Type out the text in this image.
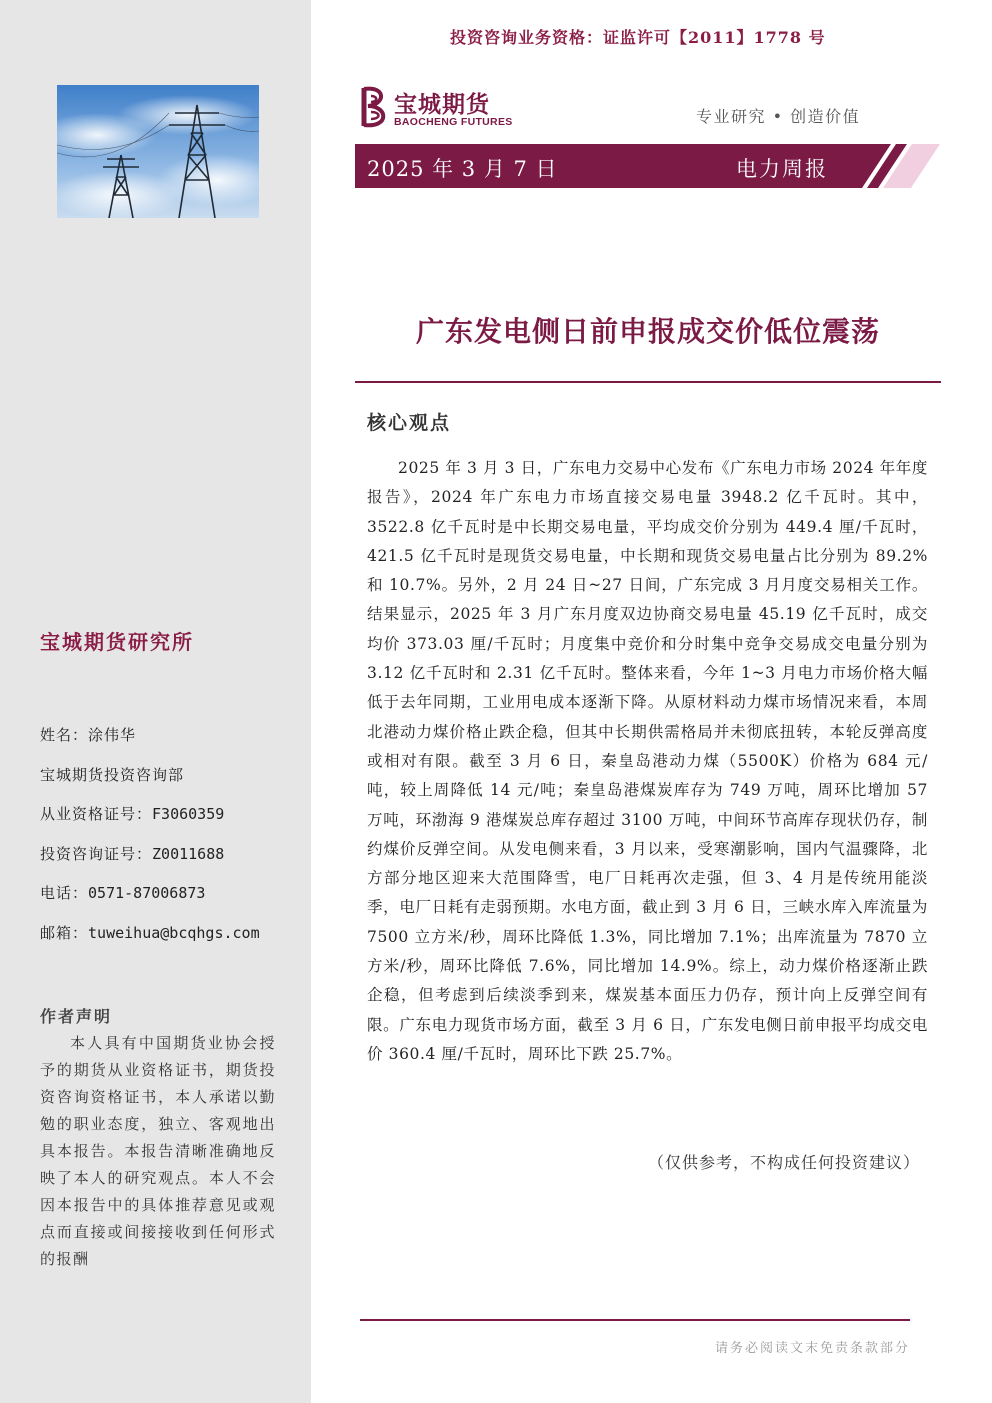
宝城期货研究所
姓名：涂伟华
宝城期货投资咨询部
从业资格证号：F3060359
投资咨询证号：Z0011688
电话：0571-87006873
邮箱：tuweihua@bcqhgs.com
作者声明
本人具有中国期货业协会授予的期货从业资格证书，期货投资咨询资格证书，本人承诺以勤勉的职业态度，独立、客观地出具本报告。本报告清晰准确地反映了本人的研究观点。本人不会因本报告中的具体推荐意见或观点而直接或间接接收到任何形式的报酬
投资咨询业务资格：证监许可【2011】1778 号
宝城期货
BAOCHENG FUTURES	专业研究 • 创造价值
2025 年 3 月 7 日	电力周报
广东发电侧日前申报成交价低位震荡
核心观点
2025 年 3 月 3 日，广东电力交易中心发布《广东电力市场 2024 年年度报告》，2024 年广东电力市场直接交易电量 3948.2 亿千瓦时。其中，3522.8 亿千瓦时是中长期交易电量，平均成交价分别为 449.4 厘/千瓦时，421.5 亿千瓦时是现货交易电量，中长期和现货交易电量占比分别为 89.2%和 10.7%。另外，2 月 24 日~27 日间，广东完成 3 月月度交易相关工作。结果显示，2025 年 3 月广东月度双边协商交易电量 45.19 亿千瓦时，成交均价 373.03 厘/千瓦时；月度集中竞价和分时集中竞争交易成交电量分别为 3.12 亿千瓦时和 2.31 亿千瓦时。整体来看，今年 1~3 月电力市场价格大幅低于去年同期，工业用电成本逐渐下降。从原材料动力煤市场情况来看，本周北港动力煤价格止跌企稳，但其中长期供需格局并未彻底扭转，本轮反弹高度或相对有限。截至 3 月 6 日，秦皇岛港动力煤（5500K）价格为 684 元/吨，较上周降低 14 元/吨；秦皇岛港煤炭库存为 749 万吨，周环比增加 57 万吨，环渤海 9 港煤炭总库存超过 3100 万吨，中间环节高库存现状仍存，制约煤价反弹空间。从发电侧来看，3 月以来，受寒潮影响，国内气温骤降，北方部分地区迎来大范围降雪，电厂日耗再次走强，但 3、4 月是传统用能淡季，电厂日耗有走弱预期。水电方面，截止到 3 月 6 日，三峡水库入库流量为 7500 立方米/秒，周环比降低 1.3%，同比增加 7.1%；出库流量为 7870 立方米/秒，周环比降低 7.6%，同比增加 14.9%。综上，动力煤价格逐渐止跌企稳，但考虑到后续淡季到来，煤炭基本面压力仍存，预计向上反弹空间有限。广东电力现货市场方面，截至 3 月 6 日，广东发电侧日前申报平均成交电价 360.4 厘/千瓦时，周环比下跌 25.7%。
（仅供参考，不构成任何投资建议）
请务必阅读文末免责条款部分
